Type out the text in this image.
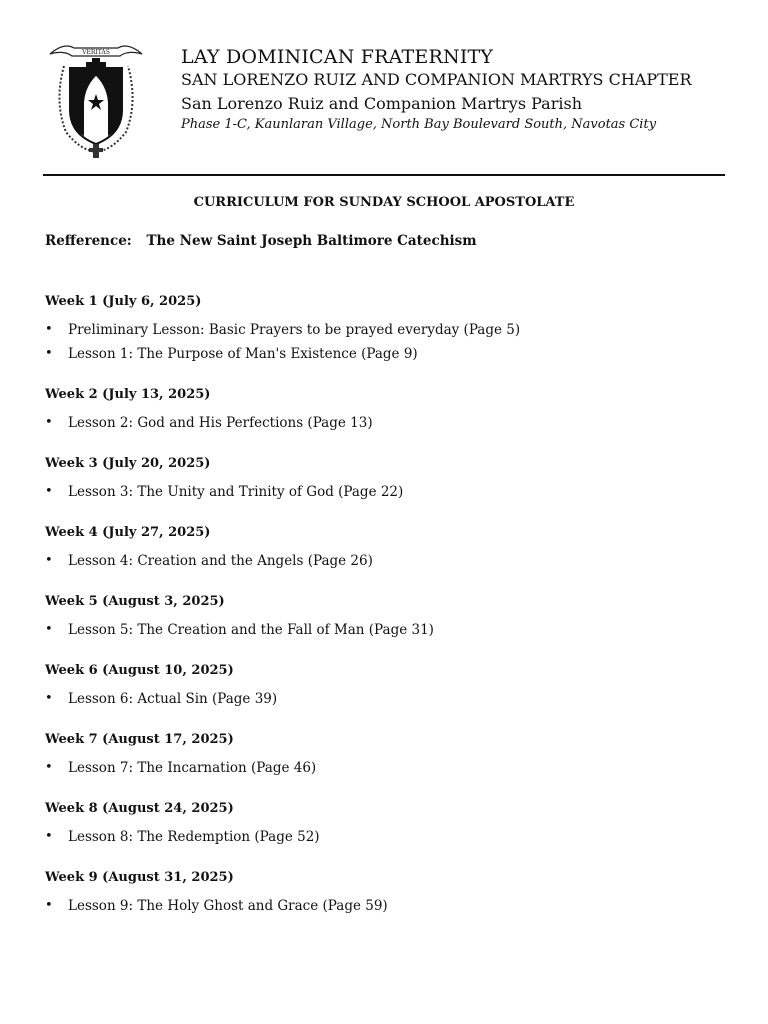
VERITAS	LAY DOMINICAN FRATERNITY
SAN LORENZO RUIZ AND COMPANION MARTRYS CHAPTER
San Lorenzo Ruiz and Companion Martrys Parish
Phase 1-C, Kaunlaran Village, North Bay Boulevard South, Navotas City
CURRICULUM FOR SUNDAY SCHOOL APOSTOLATE
Refference: The New Saint Joseph Baltimore Catechism
Week 1 (July 6, 2025)
•	Preliminary Lesson: Basic Prayers to be prayed everyday (Page 5)
•	Lesson 1: The Purpose of Man's Existence (Page 9)
Week 2 (July 13, 2025)
•	Lesson 2: God and His Perfections (Page 13)
Week 3 (July 20, 2025)
•	Lesson 3: The Unity and Trinity of God (Page 22)
Week 4 (July 27, 2025)
•	Lesson 4: Creation and the Angels (Page 26)
Week 5 (August 3, 2025)
•	Lesson 5: The Creation and the Fall of Man (Page 31)
Week 6 (August 10, 2025)
•	Lesson 6: Actual Sin (Page 39)
Week 7 (August 17, 2025)
•	Lesson 7: The Incarnation (Page 46)
Week 8 (August 24, 2025)
•	Lesson 8: The Redemption (Page 52)
Week 9 (August 31, 2025)
•	Lesson 9: The Holy Ghost and Grace (Page 59)
